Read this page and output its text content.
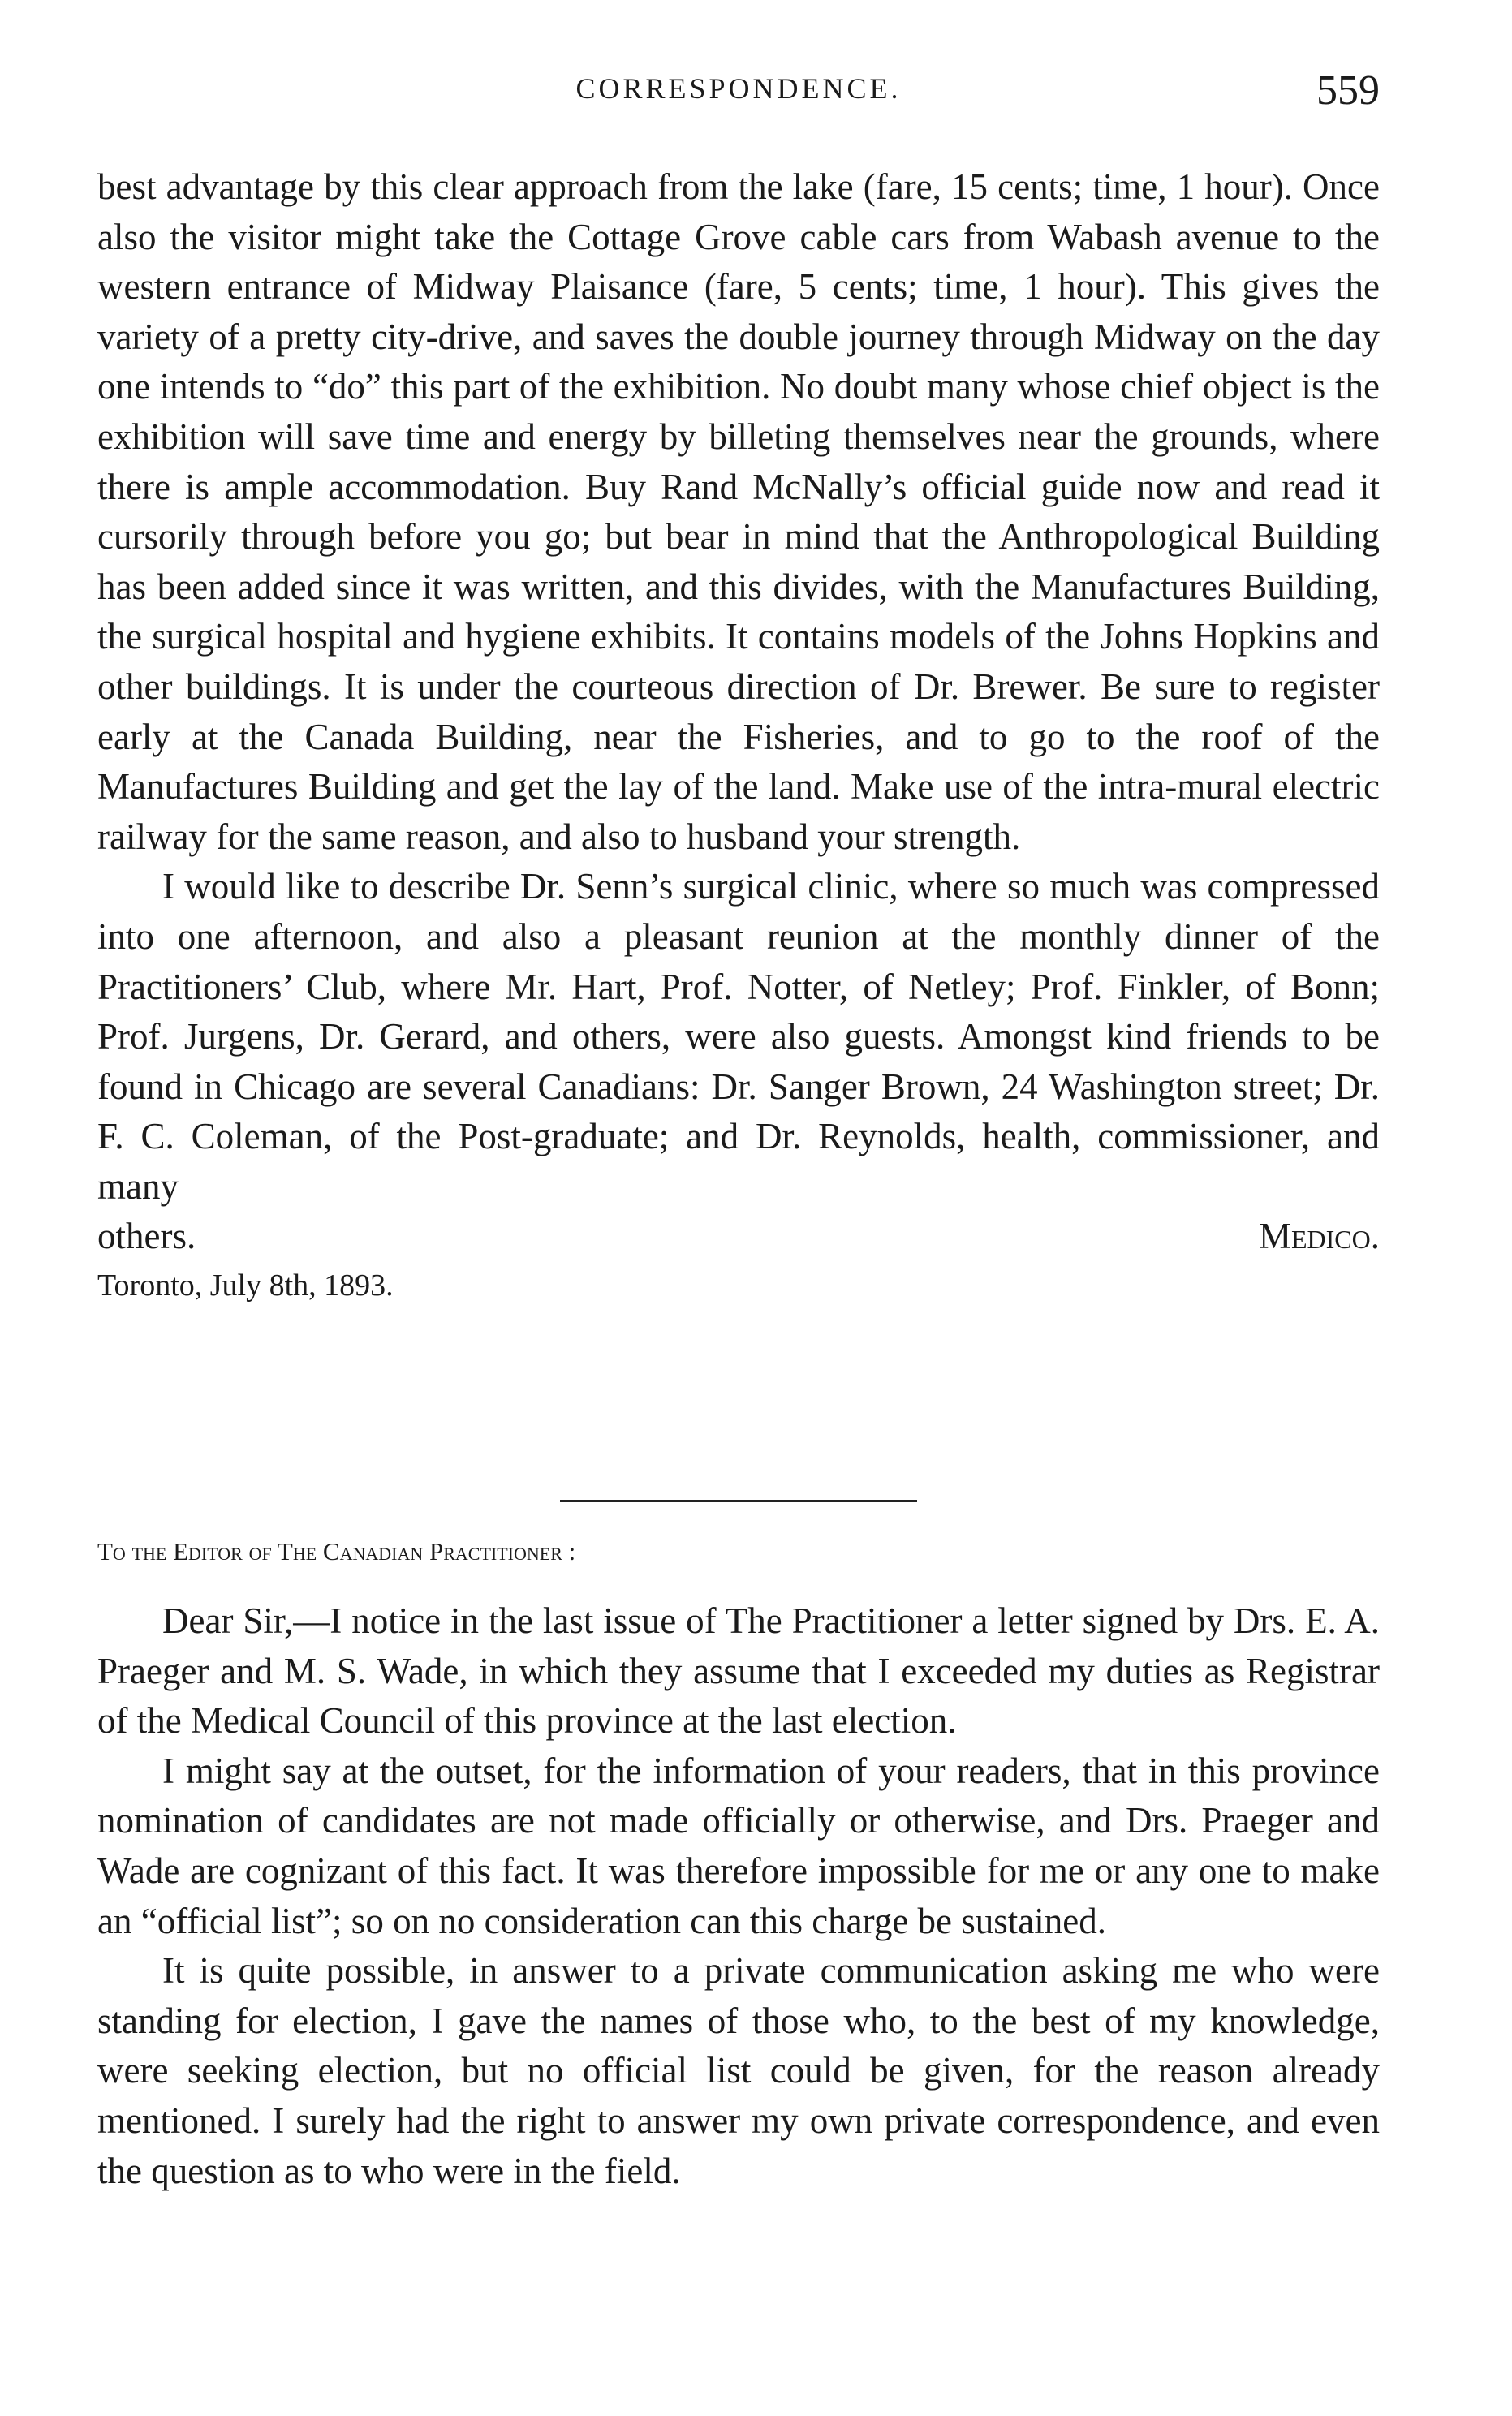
CORRESPONDENCE.	559

best advantage by this clear approach from the lake (fare, 15 cents; time, 1 hour). Once also the visitor might take the Cottage Grove cable cars from Wabash avenue to the western entrance of Midway Plaisance (fare, 5 cents; time, 1 hour). This gives the variety of a pretty city-drive, and saves the double journey through Midway on the day one intends to “do” this part of the exhibition. No doubt many whose chief object is the exhibition will save time and energy by billeting themselves near the grounds, where there is ample accommodation. Buy Rand McNally’s official guide now and read it cursorily through before you go; but bear in mind that the Anthropological Building has been added since it was written, and this divides, with the Manufactures Building, the surgical hospital and hygiene exhibits. It contains models of the Johns Hopkins and other buildings. It is under the courteous direction of Dr. Brewer. Be sure to register early at the Canada Building, near the Fisheries, and to go to the roof of the Manufactures Building and get the lay of the land. Make use of the intra-mural electric railway for the same reason, and also to husband your strength.

I would like to describe Dr. Senn’s surgical clinic, where so much was compressed into one afternoon, and also a pleasant reunion at the monthly dinner of the Practitioners’ Club, where Mr. Hart, Prof. Notter, of Netley; Prof. Finkler, of Bonn; Prof. Jurgens, Dr. Gerard, and others, were also guests. Amongst kind friends to be found in Chicago are several Canadians: Dr. Sanger Brown, 24 Washington street; Dr. F. C. Coleman, of the Post-graduate; and Dr. Reynolds, health, commissioner, and many

others.	Medico.

Toronto, July 8th, 1893.

To the Editor of The Canadian Practitioner :

Dear Sir,—I notice in the last issue of The Practitioner a letter signed by Drs. E. A. Praeger and M. S. Wade, in which they assume that I exceeded my duties as Registrar of the Medical Council of this province at the last election.

I might say at the outset, for the information of your readers, that in this province nomination of candidates are not made officially or otherwise, and Drs. Praeger and Wade are cognizant of this fact. It was therefore impossible for me or any one to make an “official list”; so on no consideration can this charge be sustained.

It is quite possible, in answer to a private communication asking me who were standing for election, I gave the names of those who, to the best of my knowledge, were seeking election, but no official list could be given, for the reason already mentioned. I surely had the right to answer my own private correspondence, and even the question as to who were in the field.
